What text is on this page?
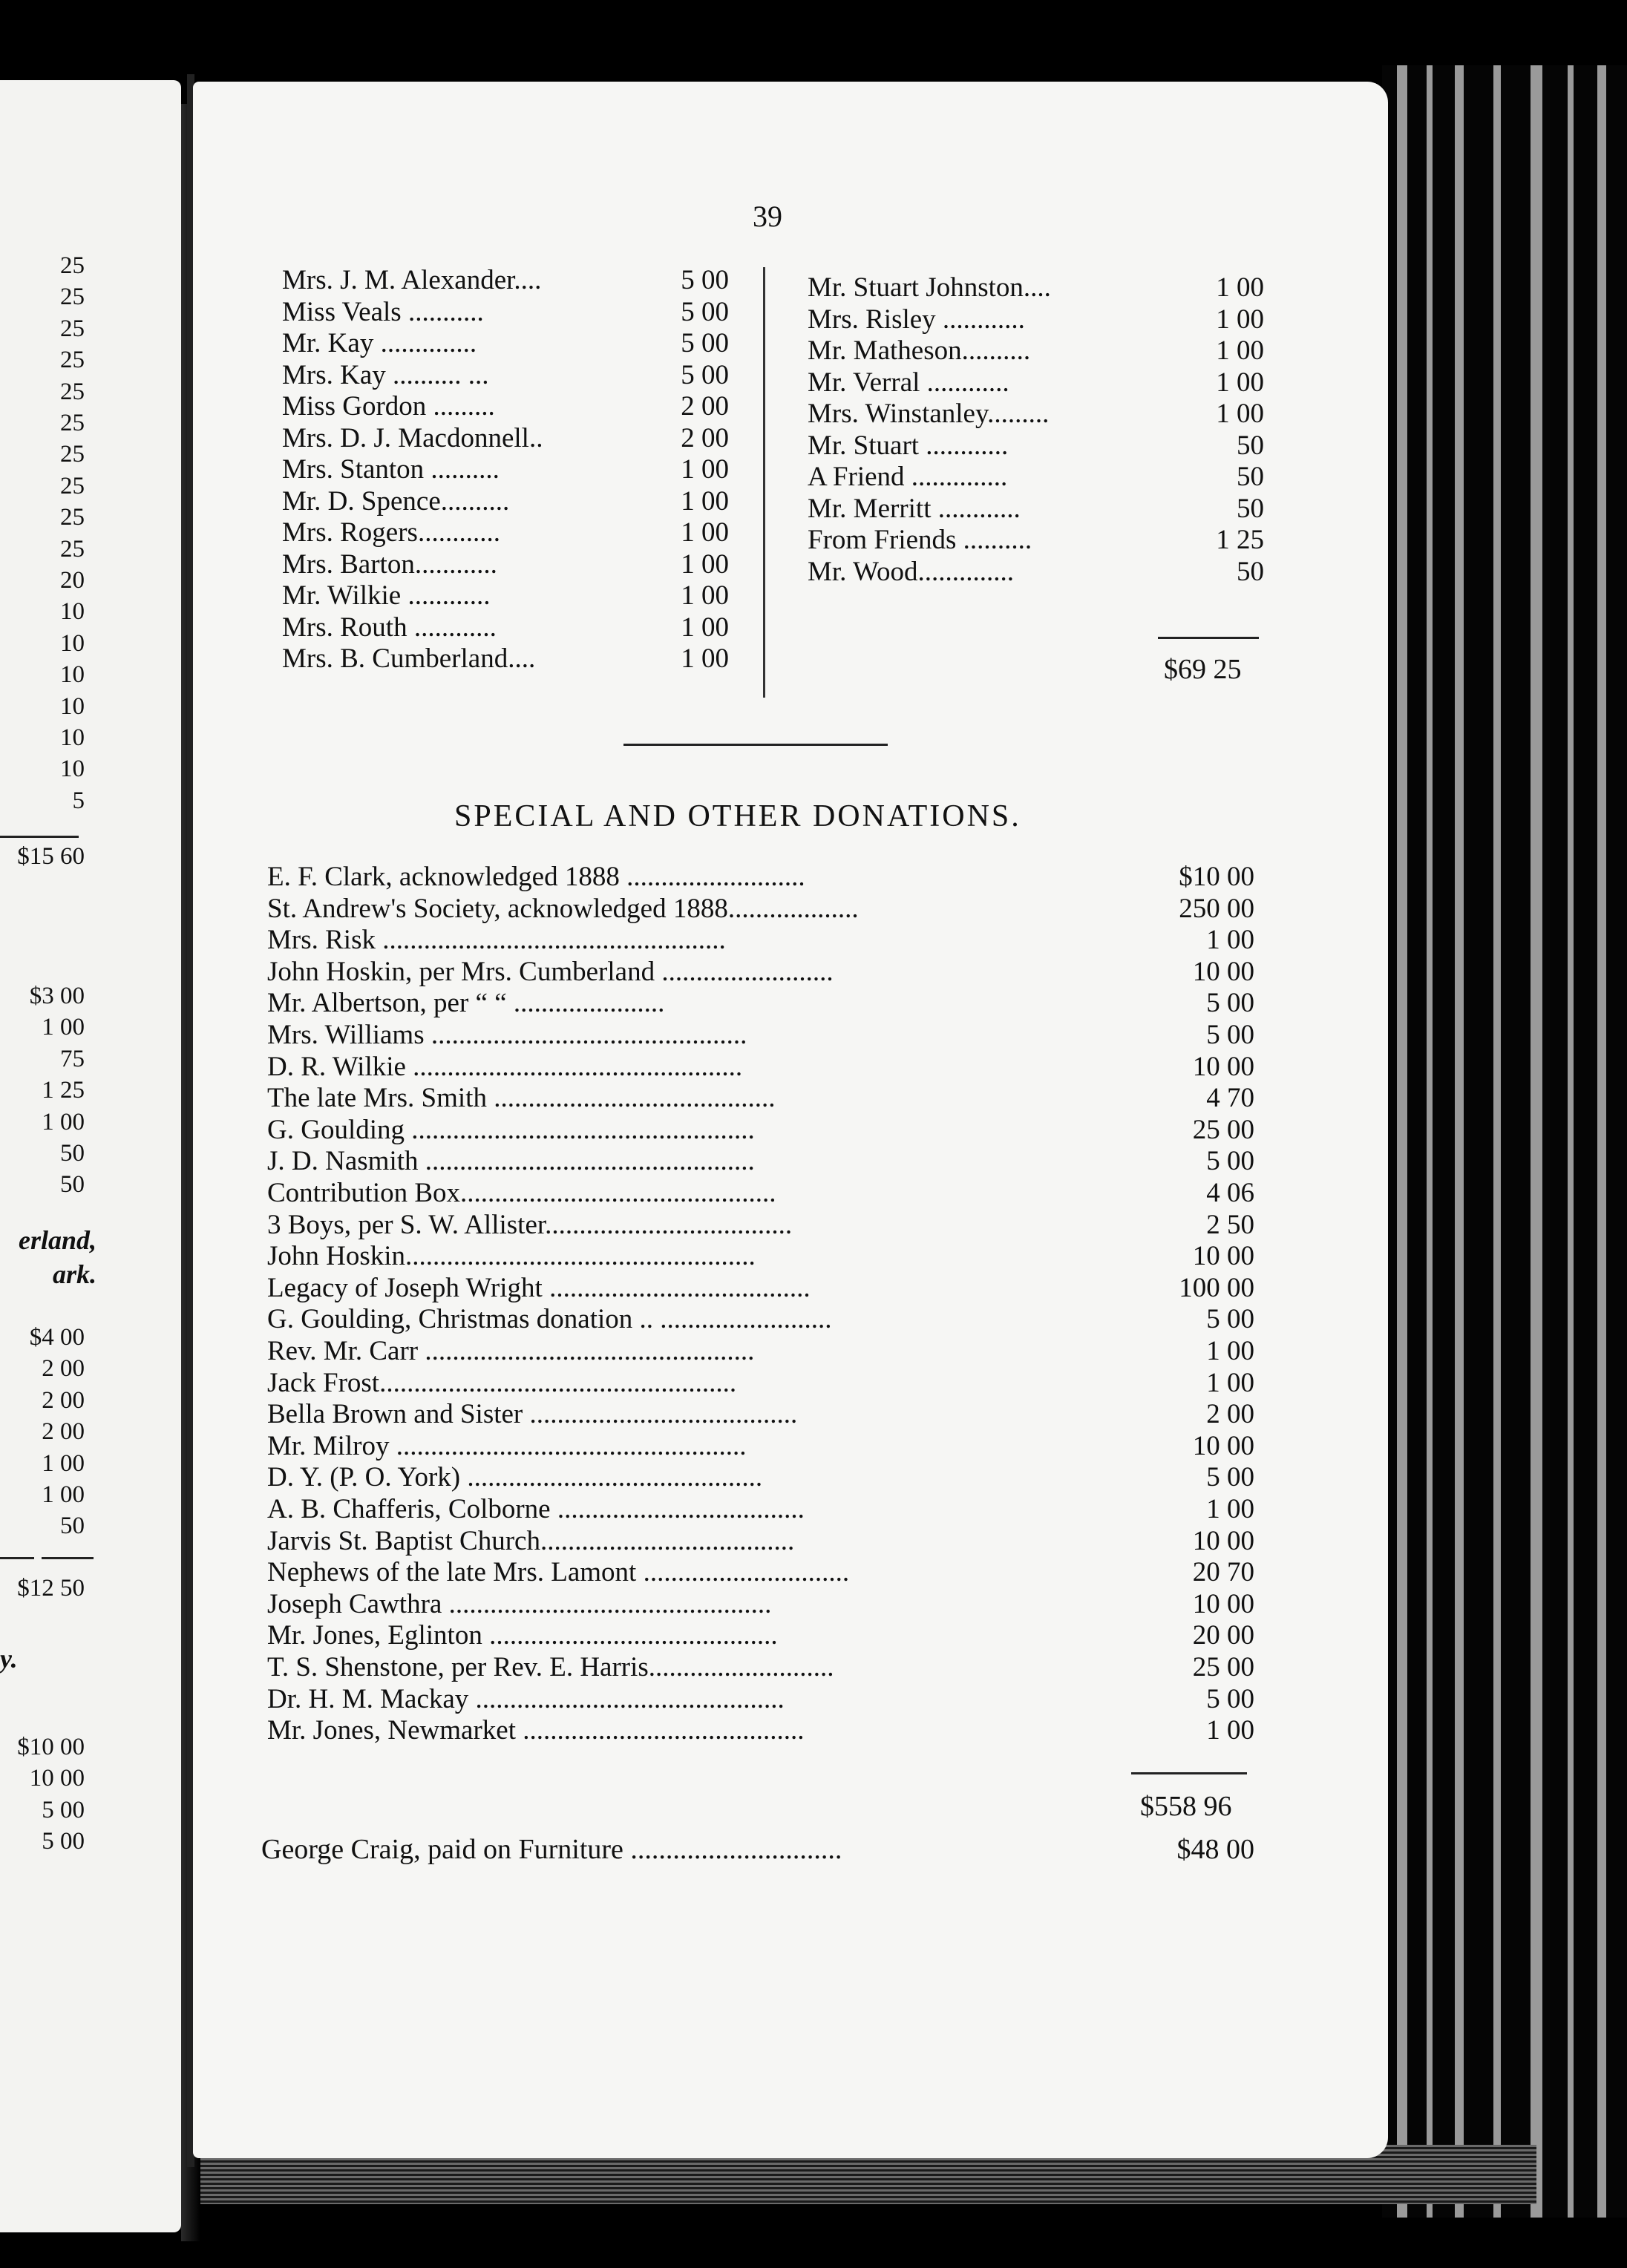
25
25
25
25
25
25
25
25
25
25
20
10
10
10
10
10
10
5
$15 60
$3 00
1 00
75
1 25
1 00
50
50
erland,
ark.
$4 00
2 00
2 00
2 00
1 00
1 00
50
$12 50
y.
$10 00
10 00
5 00
5 00
39
Mrs. J. M. Alexander....	5 00
Miss Veals ...........	5 00
Mr. Kay ..............	5 00
Mrs. Kay .......... ...	5 00
Miss Gordon .........	2 00
Mrs. D. J. Macdonnell..	2 00
Mrs. Stanton ..........	1 00
Mr. D. Spence..........	1 00
Mrs. Rogers............	1 00
Mrs. Barton............	1 00
Mr. Wilkie ............	1 00
Mrs. Routh ............	1 00
Mrs. B. Cumberland....	1 00
Mr. Stuart Johnston....	1 00
Mrs. Risley ............	1 00
Mr. Matheson..........	1 00
Mr. Verral ............	1 00
Mrs. Winstanley.........	1 00
Mr. Stuart ............	50
A Friend ..............	50
Mr. Merritt ............	50
From Friends ..........	1 25
Mr. Wood..............	50
$69 25
SPECIAL AND OTHER DONATIONS.
E. F. Clark, acknowledged 1888 ..........................	$10 00
St. Andrew's Society, acknowledged 1888...................	250 00
Mrs. Risk ..................................................	1 00
John Hoskin, per Mrs. Cumberland .........................	10 00
Mr. Albertson, per “ “ ......................	5 00
Mrs. Williams ..............................................	5 00
D. R. Wilkie ................................................	10 00
The late Mrs. Smith .........................................	4 70
G. Goulding ..................................................	25 00
J. D. Nasmith ................................................	5 00
Contribution Box..............................................	4 06
3 Boys, per S. W. Allister....................................	2 50
John Hoskin...................................................	10 00
Legacy of Joseph Wright ......................................	100 00
G. Goulding, Christmas donation .. .........................	5 00
Rev. Mr. Carr ................................................	1 00
Jack Frost....................................................	1 00
Bella Brown and Sister .......................................	2 00
Mr. Milroy ...................................................	10 00
D. Y. (P. O. York) ...........................................	5 00
A. B. Chafferis, Colborne ....................................	1 00
Jarvis St. Baptist Church.....................................	10 00
Nephews of the late Mrs. Lamont ..............................	20 70
Joseph Cawthra ...............................................	10 00
Mr. Jones, Eglinton ..........................................	20 00
T. S. Shenstone, per Rev. E. Harris...........................	25 00
Dr. H. M. Mackay .............................................	5 00
Mr. Jones, Newmarket .........................................	1 00
$558 96
George Craig, paid on Furniture ..............................	$48 00
